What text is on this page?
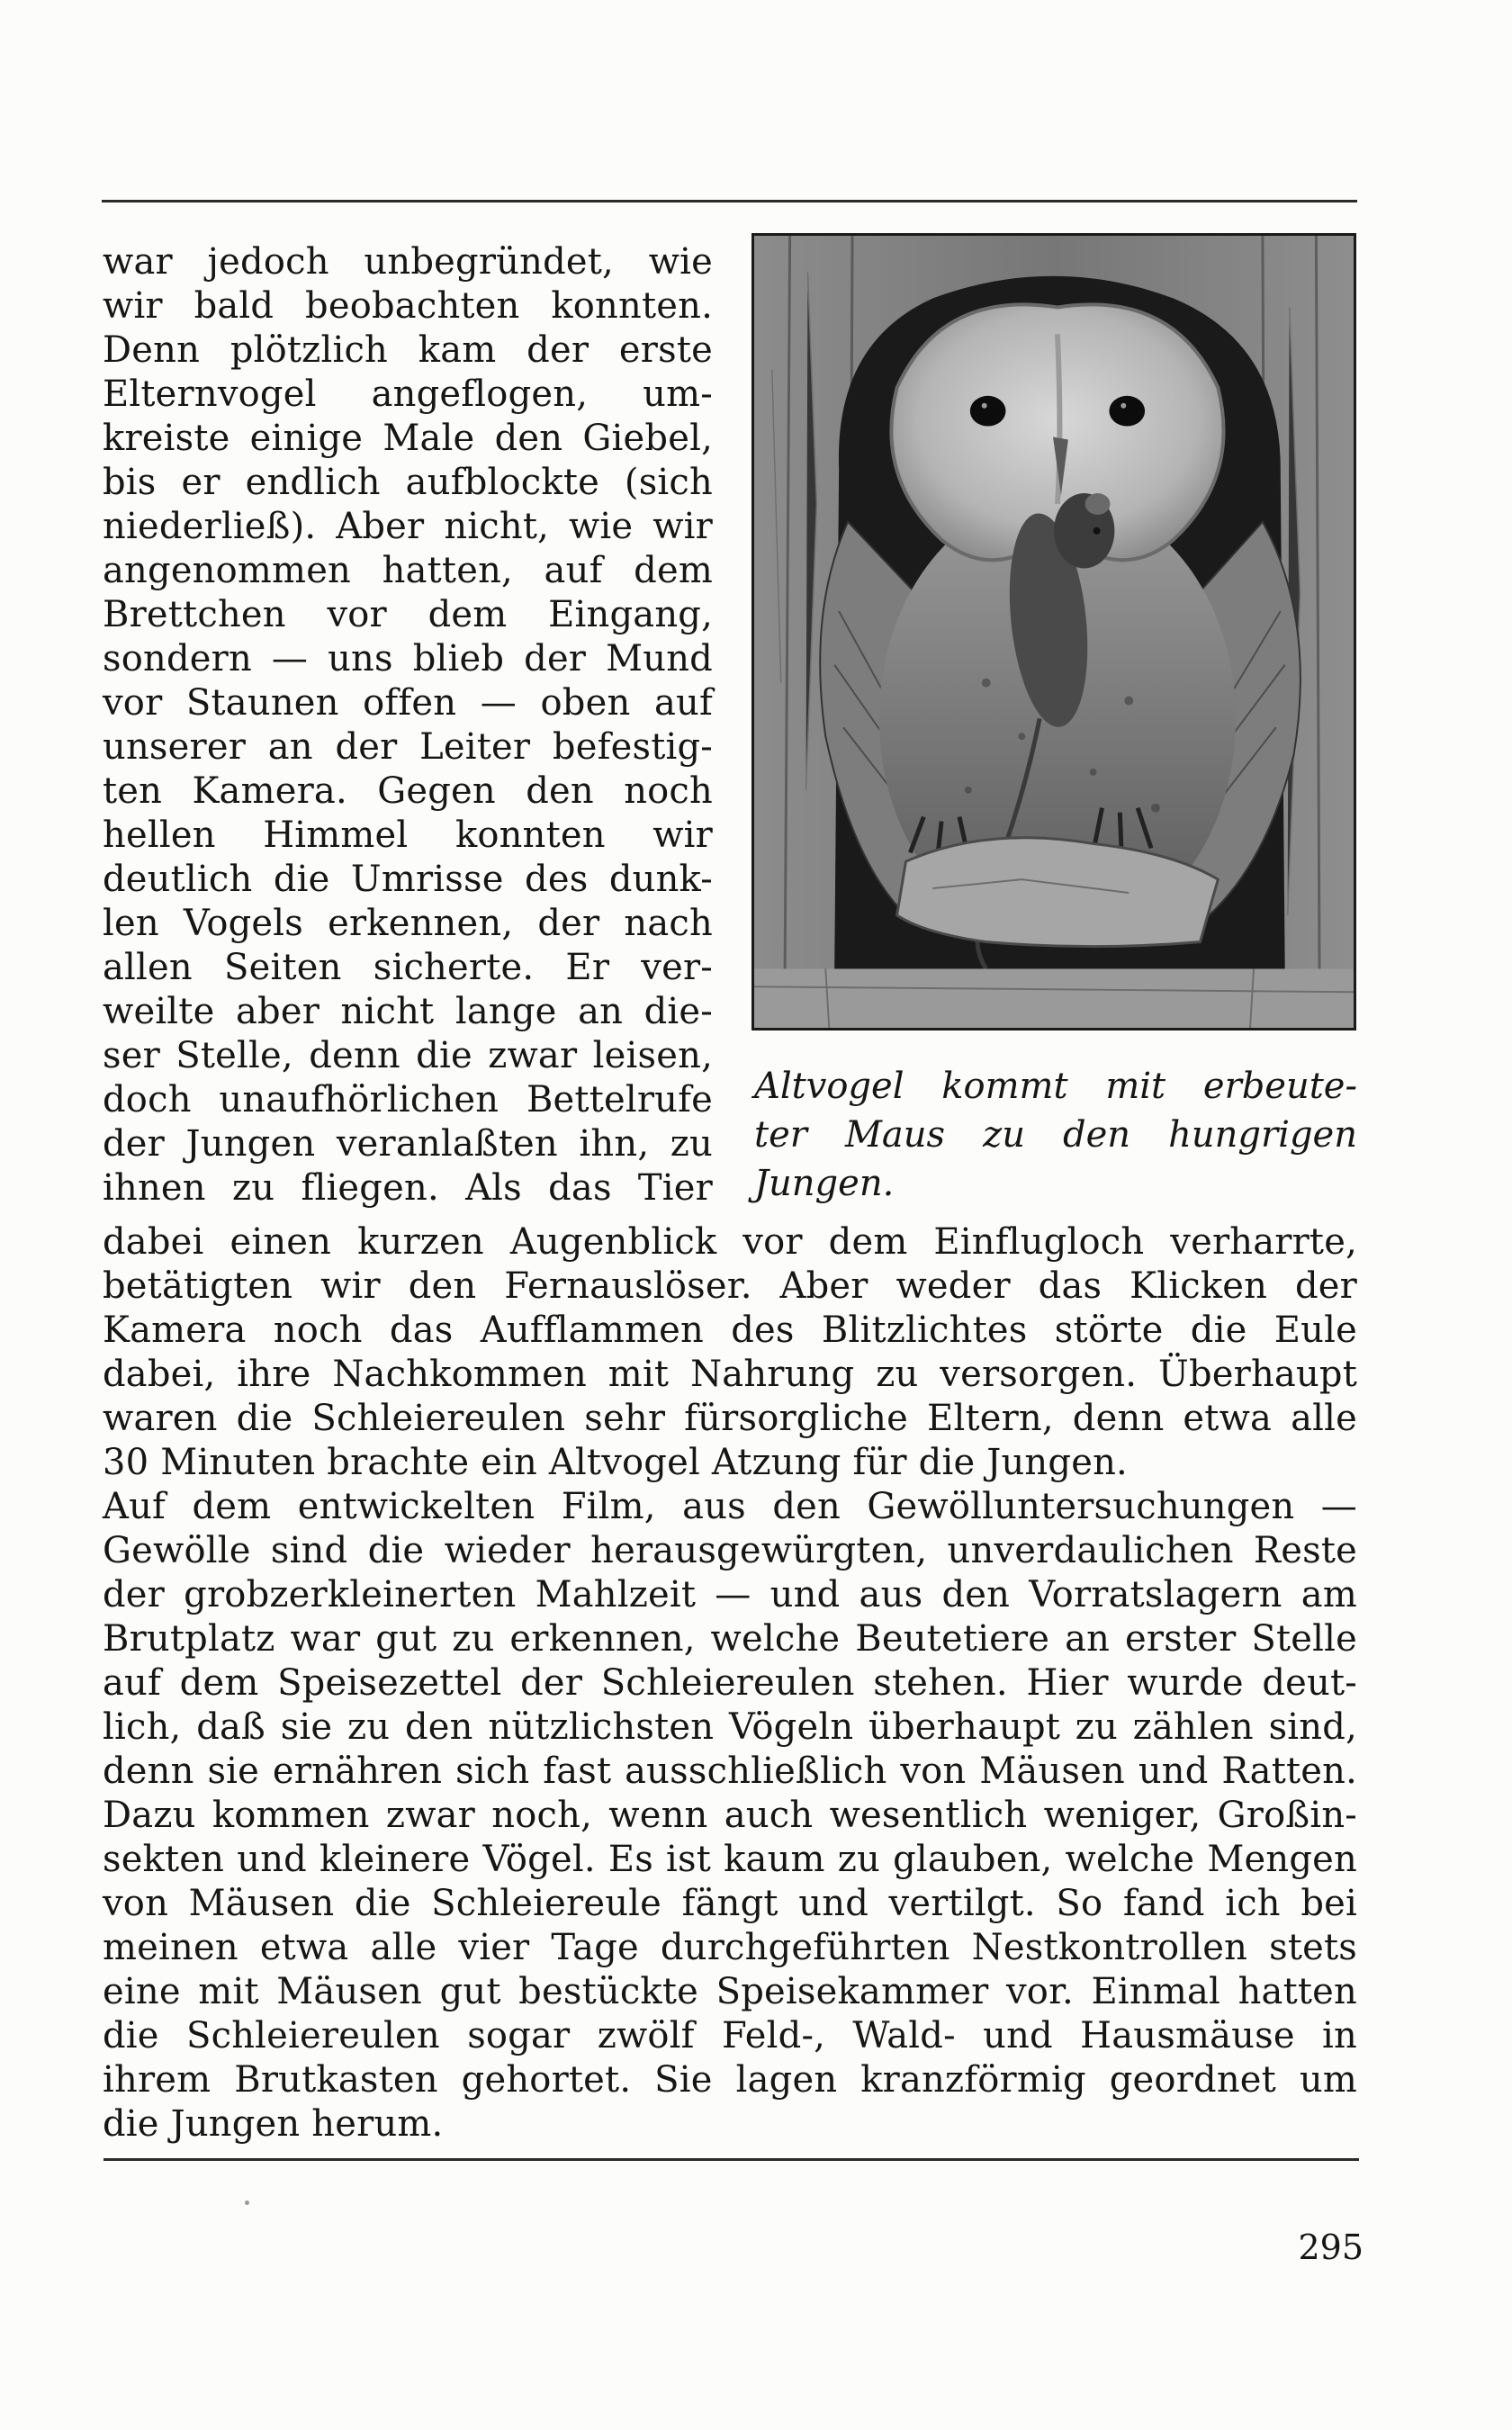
war jedoch unbegründet, wie
wir bald beobachten konnten.
Denn plötzlich kam der erste
Elternvogel angeflogen, um-
kreiste einige Male den Giebel,
bis er endlich aufblockte (sich
niederließ). Aber nicht, wie wir
angenommen hatten, auf dem
Brettchen vor dem Eingang,
sondern — uns blieb der Mund
vor Staunen offen — oben auf
unserer an der Leiter befestig-
ten Kamera. Gegen den noch
hellen Himmel konnten wir
deutlich die Umrisse des dunk-
len Vogels erkennen, der nach
allen Seiten sicherte. Er ver-
weilte aber nicht lange an die-
ser Stelle, denn die zwar leisen,
doch unaufhörlichen Bettelrufe
der Jungen veranlaßten ihn, zu
ihnen zu fliegen. Als das Tier
Altvogel kommt mit erbeute-
ter Maus zu den hungrigen
Jungen.
dabei einen kurzen Augenblick vor dem Einflugloch verharrte,
betätigten wir den Fernauslöser. Aber weder das Klicken der
Kamera noch das Aufflammen des Blitzlichtes störte die Eule
dabei, ihre Nachkommen mit Nahrung zu versorgen. Überhaupt
waren die Schleiereulen sehr fürsorgliche Eltern, denn etwa alle
30 Minuten brachte ein Altvogel Atzung für die Jungen.
Auf dem entwickelten Film, aus den Gewölluntersuchungen —
Gewölle sind die wieder herausgewürgten, unverdaulichen Reste
der grobzerkleinerten Mahlzeit — und aus den Vorratslagern am
Brutplatz war gut zu erkennen, welche Beutetiere an erster Stelle
auf dem Speisezettel der Schleiereulen stehen. Hier wurde deut-
lich, daß sie zu den nützlichsten Vögeln überhaupt zu zählen sind,
denn sie ernähren sich fast ausschließlich von Mäusen und Ratten.
Dazu kommen zwar noch, wenn auch wesentlich weniger, Großin-
sekten und kleinere Vögel. Es ist kaum zu glauben, welche Mengen
von Mäusen die Schleiereule fängt und vertilgt. So fand ich bei
meinen etwa alle vier Tage durchgeführten Nestkontrollen stets
eine mit Mäusen gut bestückte Speisekammer vor. Einmal hatten
die Schleiereulen sogar zwölf Feld-, Wald- und Hausmäuse in
ihrem Brutkasten gehortet. Sie lagen kranzförmig geordnet um
die Jungen herum.
295
